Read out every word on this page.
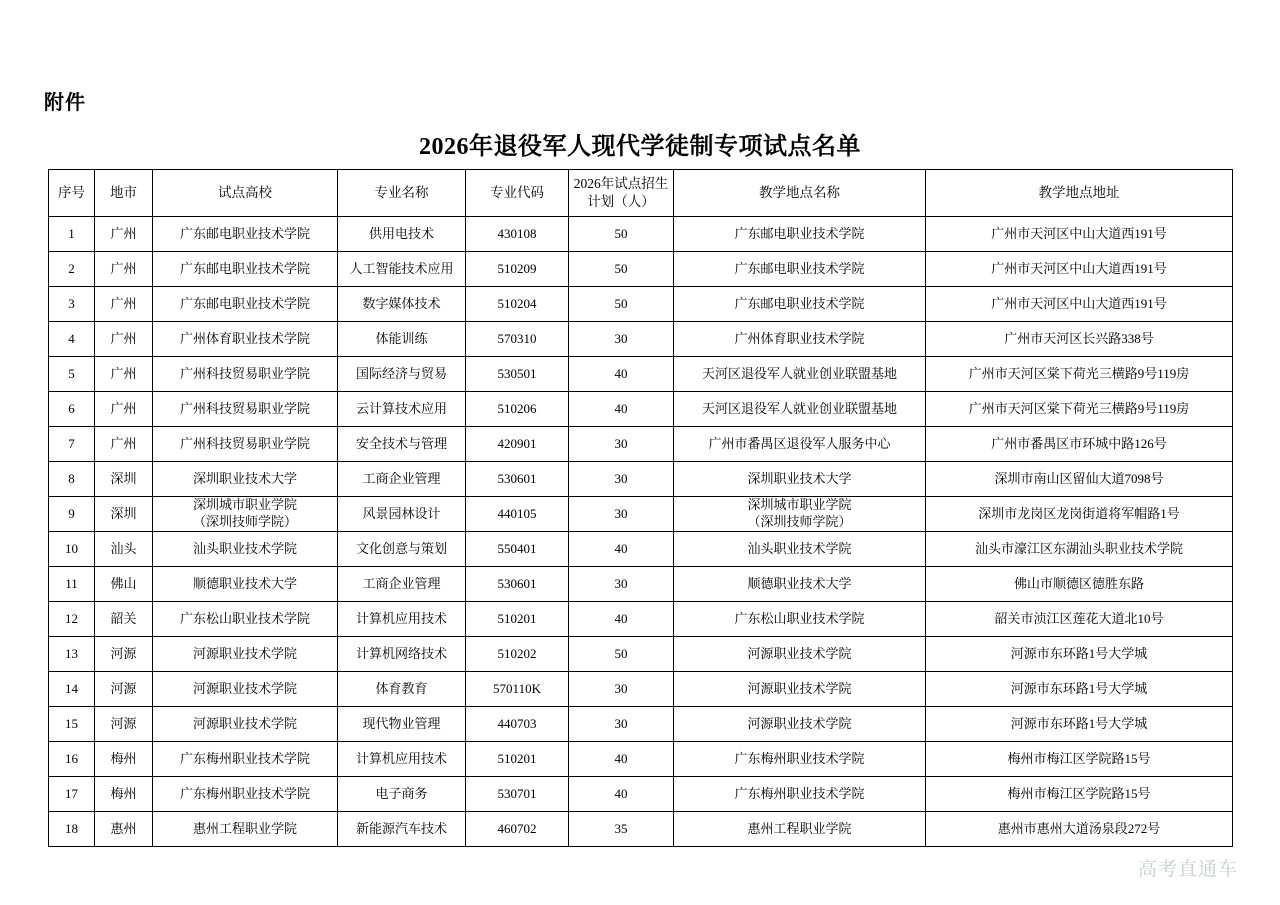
附件
2026年退役军人现代学徒制专项试点名单
序号	地市	试点高校	专业名称	专业代码	2026年试点招生
计划（人）	教学地点名称	教学地点地址
1	广州	广东邮电职业技术学院	供用电技术	430108	50	广东邮电职业技术学院	广州市天河区中山大道西191号
2	广州	广东邮电职业技术学院	人工智能技术应用	510209	50	广东邮电职业技术学院	广州市天河区中山大道西191号
3	广州	广东邮电职业技术学院	数字媒体技术	510204	50	广东邮电职业技术学院	广州市天河区中山大道西191号
4	广州	广州体育职业技术学院	体能训练	570310	30	广州体育职业技术学院	广州市天河区长兴路338号
5	广州	广州科技贸易职业学院	国际经济与贸易	530501	40	天河区退役军人就业创业联盟基地	广州市天河区棠下荷光三横路9号119房
6	广州	广州科技贸易职业学院	云计算技术应用	510206	40	天河区退役军人就业创业联盟基地	广州市天河区棠下荷光三横路9号119房
7	广州	广州科技贸易职业学院	安全技术与管理	420901	30	广州市番禺区退役军人服务中心	广州市番禺区市环城中路126号
8	深圳	深圳职业技术大学	工商企业管理	530601	30	深圳职业技术大学	深圳市南山区留仙大道7098号
9	深圳	深圳城市职业学院
（深圳技师学院）	风景园林设计	440105	30	深圳城市职业学院
（深圳技师学院）	深圳市龙岗区龙岗街道将军帽路1号
10	汕头	汕头职业技术学院	文化创意与策划	550401	40	汕头职业技术学院	汕头市濠江区东湖汕头职业技术学院
11	佛山	顺德职业技术大学	工商企业管理	530601	30	顺德职业技术大学	佛山市顺德区德胜东路
12	韶关	广东松山职业技术学院	计算机应用技术	510201	40	广东松山职业技术学院	韶关市浈江区莲花大道北10号
13	河源	河源职业技术学院	计算机网络技术	510202	50	河源职业技术学院	河源市东环路1号大学城
14	河源	河源职业技术学院	体育教育	570110K	30	河源职业技术学院	河源市东环路1号大学城
15	河源	河源职业技术学院	现代物业管理	440703	30	河源职业技术学院	河源市东环路1号大学城
16	梅州	广东梅州职业技术学院	计算机应用技术	510201	40	广东梅州职业技术学院	梅州市梅江区学院路15号
17	梅州	广东梅州职业技术学院	电子商务	530701	40	广东梅州职业技术学院	梅州市梅江区学院路15号
18	惠州	惠州工程职业学院	新能源汽车技术	460702	35	惠州工程职业学院	惠州市惠州大道汤泉段272号
高考直通车
